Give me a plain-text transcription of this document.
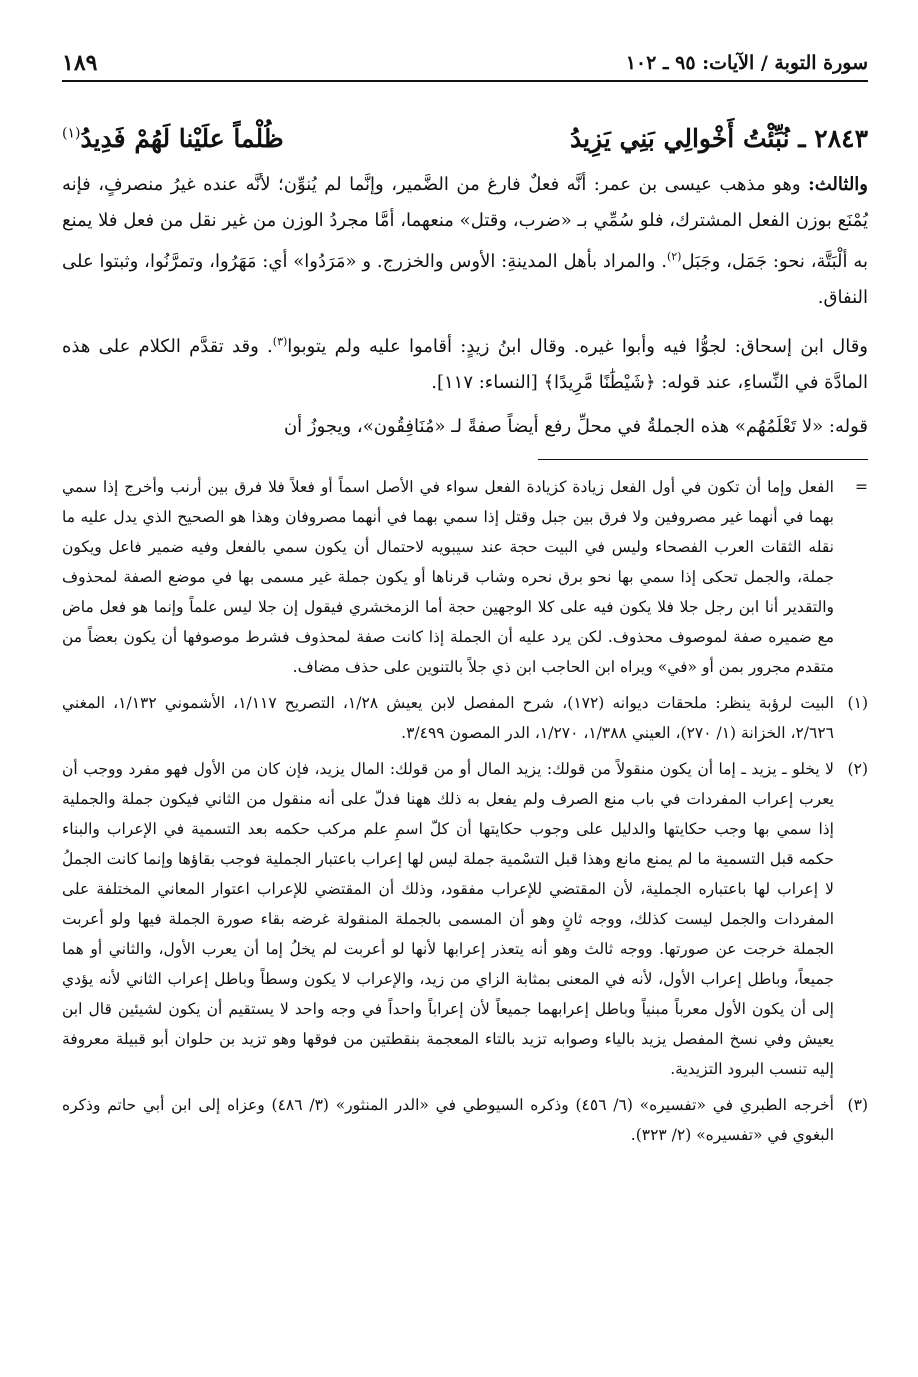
سورة التوبة / الآيات: ٩٥ ـ ١٠٢
١٨٩
٢٨٤٣ ـ نُبِّئْتُ أَخْوالِي بَنِي يَزِيدُ
ظُلْماً علَيْنا لَهُمْ فَدِيدُ$^{(١)}$

والثالث: وهو مذهب عيسى بن عمر: أنَّه فعلٌ فارغ من الضَّمير، وإنَّما لم يُنوِّن؛ لأنَّه عنده غيرُ منصرفٍ، فإنه يُمْنَع بوزن الفعل المشترك، فلو سُمِّي بـ «ضرب، وقتل» منعهما، أمَّا مجردُ الوزن من غير نقل من فعل فلا يمنع به ألْبَتَّة، نحو: جَمَل، وجَبَل$^{(٢)}$. والمراد بأهل المدينةِ: الأوس والخزرج. و «مَرَدُوا» أي: مَهَرُوا، وتمرَّنُوا، وثبتوا على النفاق.

وقال ابن إسحاق: لجوُّا فيه وأبوا غيره. وقال ابنُ زيدٍ: أقاموا عليه ولم يتوبوا$^{(٣)}$. وقد تقدَّم الكلام على هذه المادَّة في النِّساءِ، عند قوله: ﴿شَيْطَٰنًا مَّرِيدًا﴾ [النساء: ١١٧].

قوله: «لا تَعْلَمُهُم» هذه الجملةُ في محلِّ رفع أيضاً صفةً لـ «مُنَافِقُون»، ويجوزُ أن

=
الفعل وإما أن تكون في أول الفعل زيادة كزيادة الفعل سواء في الأصل اسماً أو فعلاً فلا فرق بين أرنب وأخرج إذا سمي بهما في أنهما غير مصروفين ولا فرق بين جبل وقتل إذا سمي بهما في أنهما مصروفان وهذا هو الصحيح الذي يدل عليه ما نقله الثقات العرب الفصحاء وليس في البيت حجة عند سيبويه لاحتمال أن يكون سمي بالفعل وفيه ضمير فاعل ويكون جملة، والجمل تحكى إذا سمي بها نحو برق نحره وشاب قرناها أو يكون جملة غير مسمى بها في موضع الصفة لمحذوف والتقدير أنا ابن رجل جلا فلا يكون فيه على كلا الوجهين حجة أما الزمخشري فيقول إن جلا ليس علماً وإنما هو فعل ماض مع ضميره صفة لموصوف محذوف. لكن يرد عليه أن الجملة إذا كانت صفة لمحذوف فشرط موصوفها أن يكون بعضاً من متقدم مجرور بمن أو «في» ويراه ابن الحاجب ابن ذي جلاً بالتنوين على حذف مضاف.
(١)
البيت لرؤبة ينظر: ملحقات ديوانه (١٧٢)، شرح المفصل لابن يعيش ١/٢٨، التصريح ١/١١٧، الأشموني ١/١٣٢، المغني ٢/٦٢٦، الخزانة (١/ ٢٧٠)، العيني ١/٣٨٨، ١/٢٧٠، الدر المصون ٣/٤٩٩.
(٢)
لا يخلو ـ يزيد ـ إما أن يكون منقولاً من قولك: يزيد المال أو من قولك: المال يزيد، فإن كان من الأول فهو مفرد ووجب أن يعرب إعراب المفردات في باب منع الصرف ولم يفعل به ذلك ههنا فدلّ على أنه منقول من الثاني فيكون جملة والجملية إذا سمي بها وجب حكايتها والدليل على وجوب حكايتها أن كلّ اسمِ علم مركب حكمه بعد التسمية في الإعراب والبناء حكمه قبل التسمية ما لم يمنع مانع وهذا قبل التسْمية جملة ليس لها إعراب باعتبار الجملية فوجب بقاؤها وإنما كانت الجملُ لا إعراب لها باعتباره الجملية، لأن المقتضي للإعراب مفقود، وذلك أن المقتضي للإعراب اعتوار المعاني المختلفة على المفردات والجمل ليست كذلك، ووجه ثانٍ وهو أن المسمى بالجملة المنقولة غرضه بقاء صورة الجملة فيها ولو أعربت الجملة خرجت عن صورتها. ووجه ثالث وهو أنه يتعذر إعرابها لأنها لو أعربت لم يخلُ إما أن يعرب الأول، والثاني أو هما جميعاً، وباطل إعراب الأول، لأنه في المعنى بمثابة الزاي من زيد، والإعراب لا يكون وسطاً وباطل إعراب الثاني لأنه يؤدي إلى أن يكون الأول معرباً مبنياً وباطل إعرابهما جميعاً لأن إعراباً واحداً في وجه واحد لا يستقيم أن يكون لشيئين قال ابن يعيش وفي نسخ المفصل يزيد بالياء وصوابه تزيد بالتاء المعجمة بنقطتين من فوقها وهو تزيد بن حلوان أبو قبيلة معروفة إليه تنسب البرود التزيدية.
(٣)
أخرجه الطبري في «تفسيره» (٦/ ٤٥٦) وذكره السيوطي في «الدر المنثور» (٣/ ٤٨٦) وعزاه إلى ابن أبي حاتم وذكره البغوي في «تفسيره» (٢/ ٣٢٣).
